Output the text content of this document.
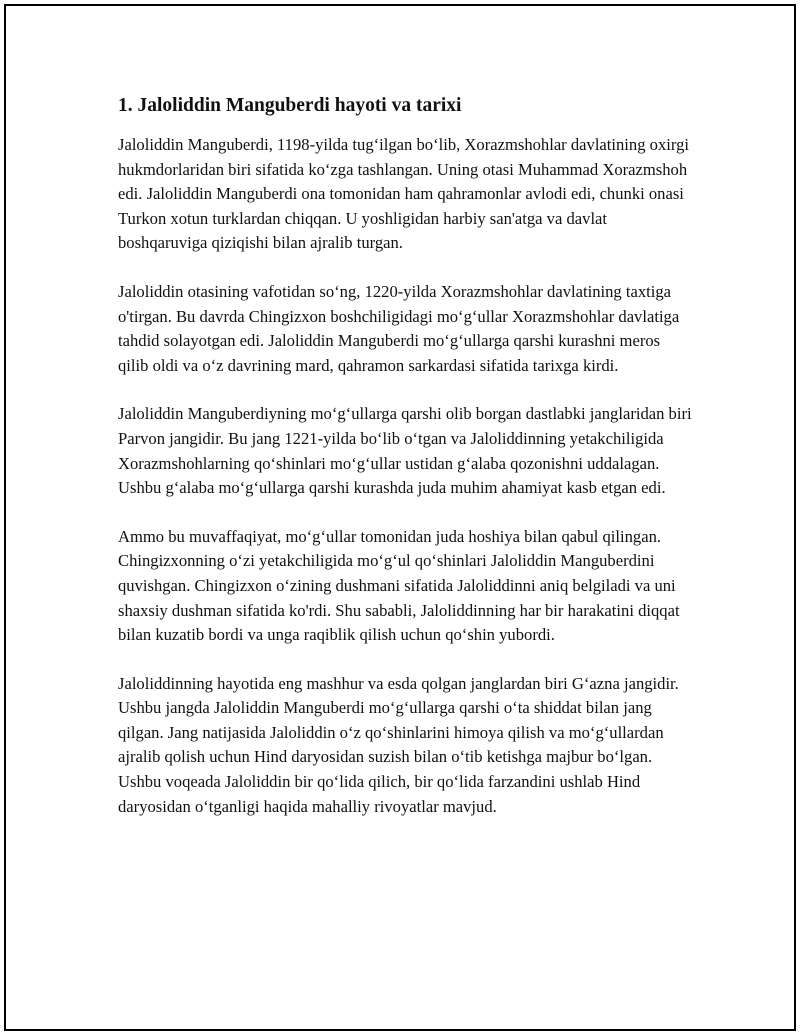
1. Jaloliddin Manguberdi hayoti va tarixi

Jaloliddin Manguberdi, 1198-yilda tug‘ilgan bo‘lib, Xorazmshohlar davlatining oxirgi hukmdorlaridan biri sifatida ko‘zga tashlangan. Uning otasi Muhammad Xorazmshoh edi. Jaloliddin Manguberdi ona tomonidan ham qahramonlar avlodi edi, chunki onasi Turkon xotun turklardan chiqqan. U yoshligidan harbiy san'atga va davlat boshqaruviga qiziqishi bilan ajralib turgan.

Jaloliddin otasining vafotidan so‘ng, 1220-yilda Xorazmshohlar davlatining taxtiga o'tirgan. Bu davrda Chingizxon boshchiligidagi mo‘g‘ullar Xorazmshohlar davlatiga tahdid solayotgan edi. Jaloliddin Manguberdi mo‘g‘ullarga qarshi kurashni meros qilib oldi va o‘z davrining mard, qahramon sarkardasi sifatida tarixga kirdi.

Jaloliddin Manguberdiyning mo‘g‘ullarga qarshi olib borgan dastlabki janglaridan biri Parvon jangidir. Bu jang 1221-yilda bo‘lib o‘tgan va Jaloliddinning yetakchiligida Xorazmshohlarning qo‘shinlari mo‘g‘ullar ustidan g‘alaba qozonishni uddalagan. Ushbu g‘alaba mo‘g‘ullarga qarshi kurashda juda muhim ahamiyat kasb etgan edi.

Ammo bu muvaffaqiyat, mo‘g‘ullar tomonidan juda hoshiya bilan qabul qilingan. Chingizxonning o‘zi yetakchiligida mo‘g‘ul qo‘shinlari Jaloliddin Manguberdini quvishgan. Chingizxon o‘zining dushmani sifatida Jaloliddinni aniq belgiladi va uni shaxsiy dushman sifatida ko'rdi. Shu sababli, Jaloliddinning har bir harakatini diqqat bilan kuzatib bordi va unga raqiblik qilish uchun qo‘shin yubordi.

Jaloliddinning hayotida eng mashhur va esda qolgan janglardan biri G‘azna jangidir. Ushbu jangda Jaloliddin Manguberdi mo‘g‘ullarga qarshi o‘ta shiddat bilan jang qilgan. Jang natijasida Jaloliddin o‘z qo‘shinlarini himoya qilish va mo‘g‘ullardan ajralib qolish uchun Hind daryosidan suzish bilan o‘tib ketishga majbur bo‘lgan. Ushbu voqeada Jaloliddin bir qo‘lida qilich, bir qo‘lida farzandini ushlab Hind daryosidan o‘tganligi haqida mahalliy rivoyatlar mavjud.
